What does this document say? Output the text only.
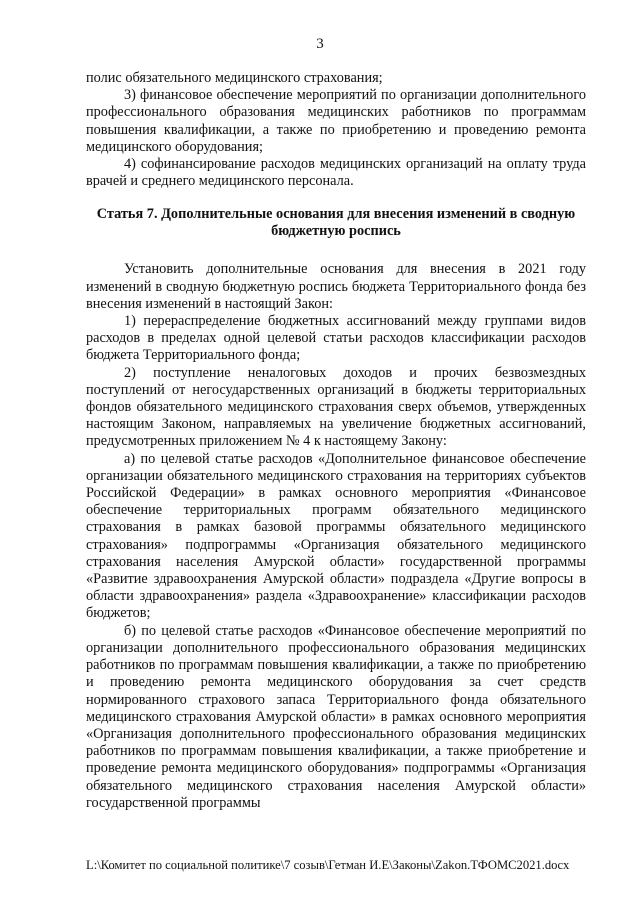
3

полис обязательного медицинского страхования;

3) финансовое обеспечение мероприятий по организации дополнительного профессионального образования медицинских работников по программам повышения квалификации, а также по приобретению и проведению ремонта медицинского оборудования;

4) софинансирование расходов медицинских организаций на оплату труда врачей и среднего медицинского персонала.

Статья 7. Дополнительные основания для внесения изменений в сводную бюджетную роспись

Установить дополнительные основания для внесения в 2021 году изменений в сводную бюджетную роспись бюджета Территориального фонда без внесения изменений в настоящий Закон:

1) перераспределение бюджетных ассигнований между группами видов расходов в пределах одной целевой статьи расходов классификации расходов бюджета Территориального фонда;

2) поступление неналоговых доходов и прочих безвозмездных поступлений от негосударственных организаций в бюджеты территориальных фондов обязательного медицинского страхования сверх объемов, утвержденных настоящим Законом, направляемых на увеличение бюджетных ассигнований, предусмотренных приложением № 4 к настоящему Закону:

а) по целевой статье расходов «Дополнительное финансовое обеспечение организации обязательного медицинского страхования на территориях субъектов Российской Федерации» в рамках основного мероприятия «Финансовое обеспечение территориальных программ обязательного медицинского страхования в рамках базовой программы обязательного медицинского страхования» подпрограммы «Организация обязательного медицинского страхования населения Амурской области» государственной программы «Развитие здравоохранения Амурской области» подраздела «Другие вопросы в области здравоохранения» раздела «Здравоохранение» классификации расходов бюджетов;

б) по целевой статье расходов «Финансовое обеспечение мероприятий по организации дополнительного профессионального образования медицинских работников по программам повышения квалификации, а также по приобретению и проведению ремонта медицинского оборудования за счет средств нормированного страхового запаса Территориального фонда обязательного медицинского страхования Амурской области» в рамках основного мероприятия «Организация дополнительного профессионального образования медицинских работников по программам повышения квалификации, а также приобретение и проведение ремонта медицинского оборудования» подпрограммы «Организация обязательного медицинского страхования населения Амурской области» государственной программы

L:\Комитет по социальной политике\7 созыв\Гетман И.Е\Законы\Zakon.ТФОМС2021.docx
